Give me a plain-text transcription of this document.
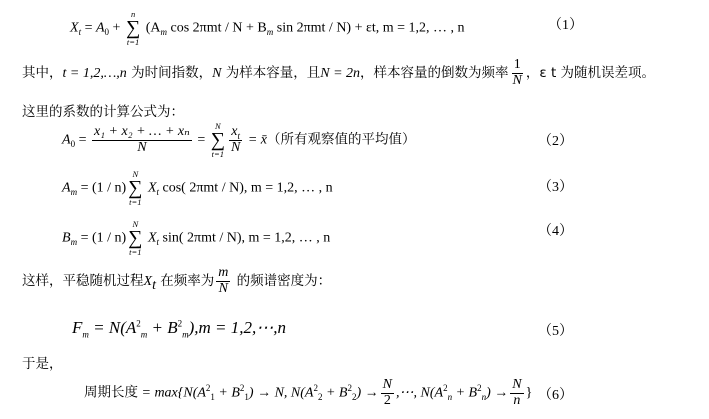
$X_t = A_0$ +
n
∑
t=1
($A_m$ $\cos 2\pi mt / N + B_m$ sin 2πmt / N) + εt, m = 1,2, … , n	（1）
其中，t = 1,2,…,n 为时间指数，N 为样本容量，且N = 2n，样本容量的倒数为频率 $\frac{1}{N}$ ，ε t 为随机误差项。
这里的系数的计算公式为：
$A_0 = \frac{\text{x₁ + x₂ + … + xₙ}}{N}$ =
N
∑
$t=1 \frac{x_t}{N}$ = x̄（所有观察值的平均值）	（2）
$A_m = (1 / n)$
N
∑
t=1
$X_t$ cos( 2πmt / N), m = 1,2, … , n	（3）
$B_m = (1 / n)$
N
∑
t=1
$X_t$ sin( 2πmt / N), m = 1,2, … , n	（4）
这样，平稳随机过程$X_t$ 在频率为 $\frac{m}{N}$ 的频谱密度为：
$F_m = N(A^2_m + B^2_m),m$ = 1,2,⋯,n	（5）
于是，
周期长度 = $\max\{N(A^2_1 + B^2_1) \to N$, $N(A^2_2 + B^2_2) \to \frac{N}{2}$ ,⋯, $N(A^2_n + B^2_n) \to \frac{N}{n}$ } （6）
